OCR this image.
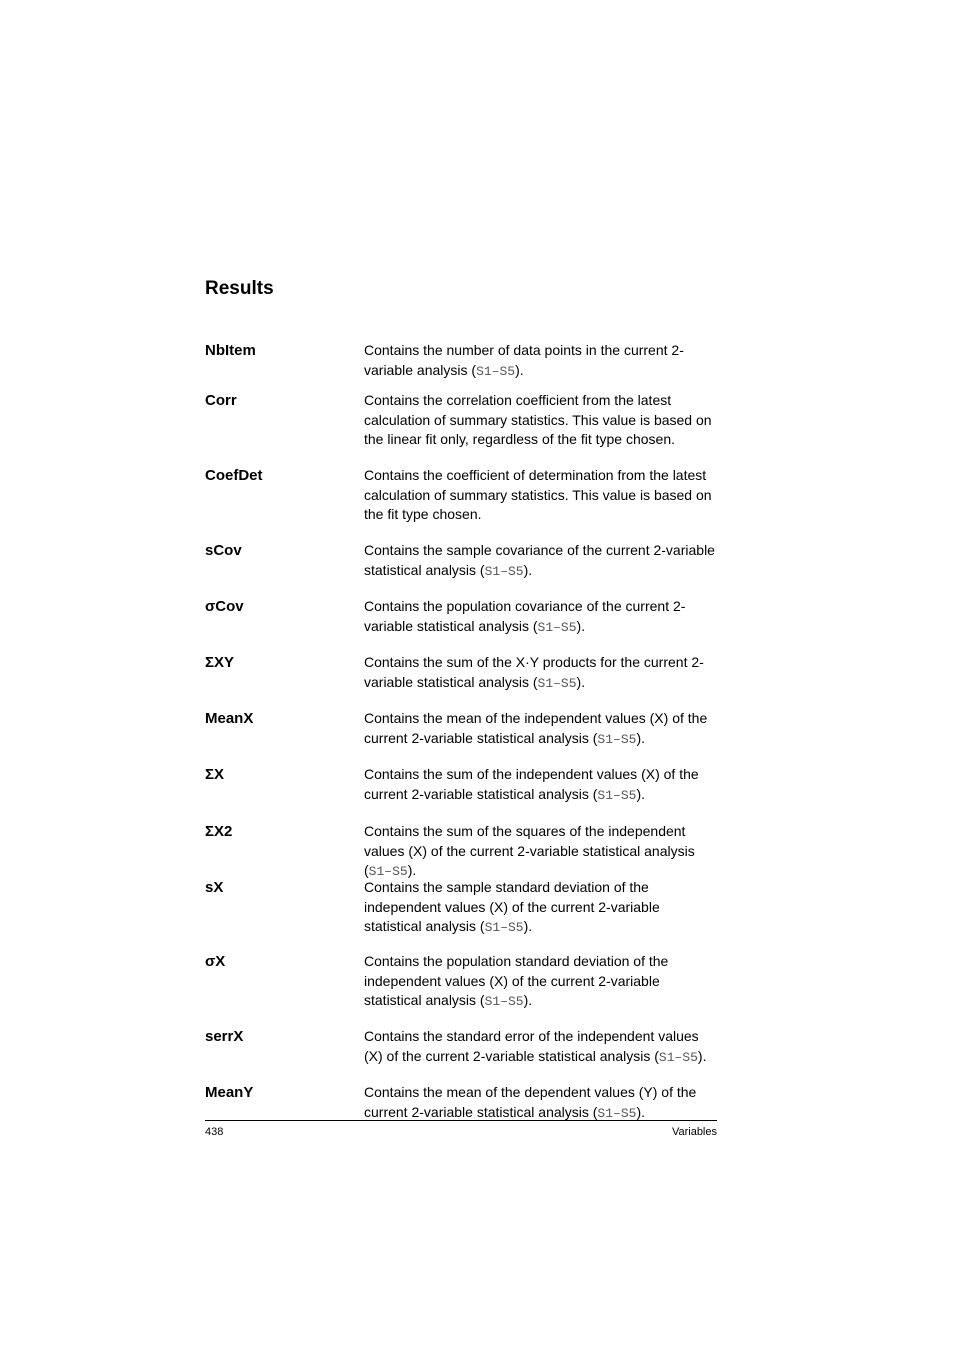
Results
NbItem	Contains the number of data points in the current 2-variable analysis (S1–S5).
Corr	Contains the correlation coefficient from the latest calculation of summary statistics. This value is based on the linear fit only, regardless of the fit type chosen.
CoefDet	Contains the coefficient of determination from the latest calculation of summary statistics. This value is based on the fit type chosen.
sCov	Contains the sample covariance of the current 2-variable statistical analysis (S1–S5).
σCov	Contains the population covariance of the current 2-variable statistical analysis (S1–S5).
ΣXY	Contains the sum of the X·Y products for the current 2-variable statistical analysis (S1–S5).
MeanX	Contains the mean of the independent values (X) of the current 2-variable statistical analysis (S1–S5).
ΣX	Contains the sum of the independent values (X) of the current 2-variable statistical analysis (S1–S5).
ΣX2	Contains the sum of the squares of the independent values (X) of the current 2-variable statistical analysis (S1–S5).
sX	Contains the sample standard deviation of the independent values (X) of the current 2-variable statistical analysis (S1–S5).
σX	Contains the population standard deviation of the independent values (X) of the current 2-variable statistical analysis (S1–S5).
serrX	Contains the standard error of the independent values (X) of the current 2-variable statistical analysis (S1–S5).
MeanY	Contains the mean of the dependent values (Y) of the current 2-variable statistical analysis (S1–S5).
438	Variables
